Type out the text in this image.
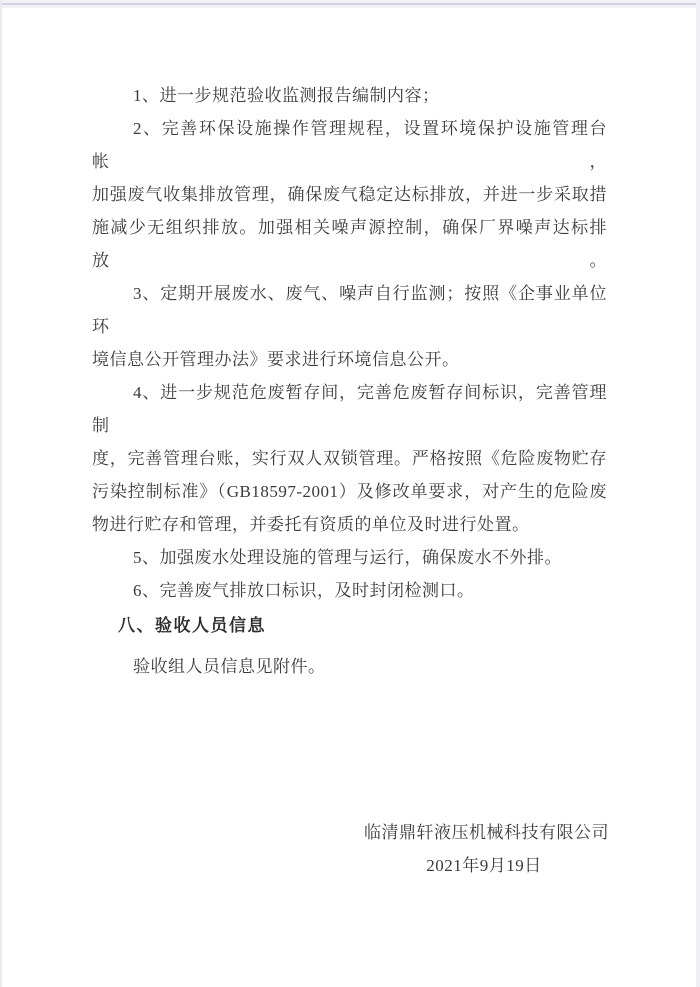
1、进一步规范验收监测报告编制内容；
2、完善环保设施操作管理规程，设置环境保护设施管理台帐，
加强废气收集排放管理，确保废气稳定达标排放，并进一步采取措
施减少无组织排放。加强相关噪声源控制，确保厂界噪声达标排放。
3、定期开展废水、废气、噪声自行监测；按照《企事业单位环
境信息公开管理办法》要求进行环境信息公开。
4、进一步规范危废暂存间，完善危废暂存间标识，完善管理制
度，完善管理台账，实行双人双锁管理。严格按照《危险废物贮存
污染控制标准》（GB18597-2001）及修改单要求，对产生的危险废
物进行贮存和管理，并委托有资质的单位及时进行处置。
5、加强废水处理设施的管理与运行，确保废水不外排。
6、完善废气排放口标识，及时封闭检测口。
八、验收人员信息
验收组人员信息见附件。
临清鼎轩液压机械科技有限公司
2021年9月19日
